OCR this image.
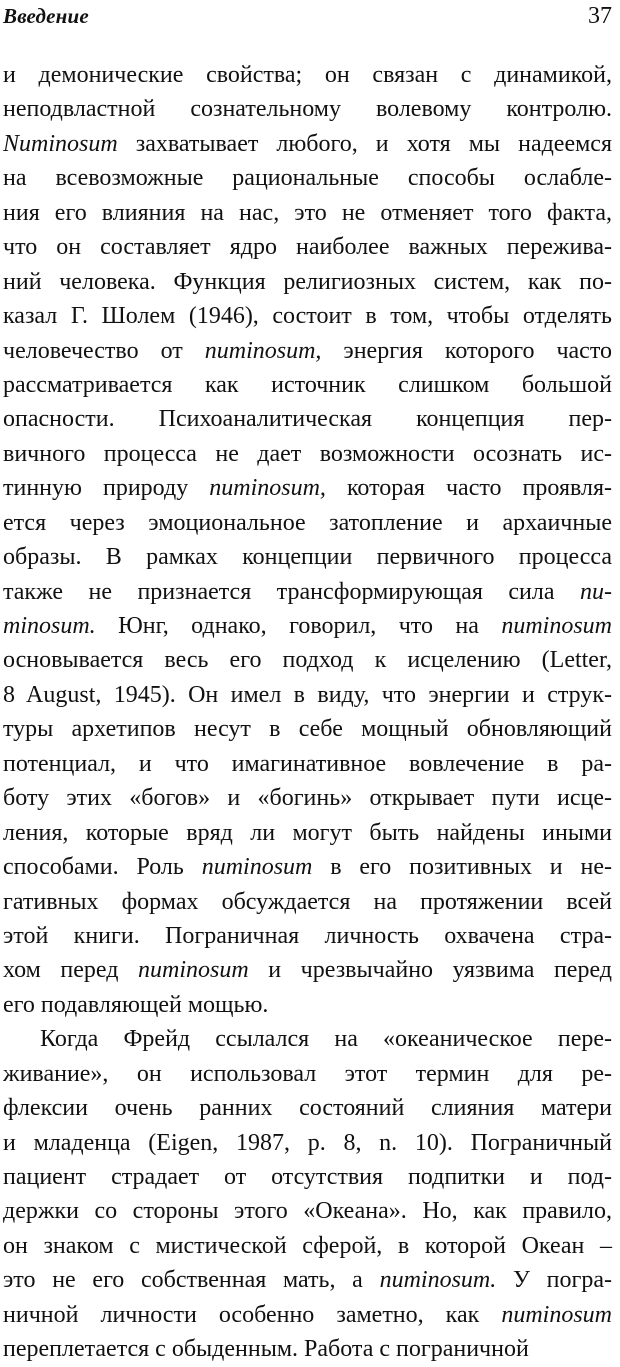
Введение	37
и демонические свойства; он связан с динамикой,
неподвластной сознательному волевому контролю.
Numinosum захватывает любого, и хотя мы надеемся
на всевозможные рациональные способы ослабле-
ния его влияния на нас, это не отменяет того факта,
что он составляет ядро наиболее важных пережива-
ний человека. Функция религиозных систем, как по-
казал Г. Шолем (1946), состоит в том, чтобы отделять
человечество от numinosum, энергия которого часто
рассматривается как источник слишком большой
опасности. Психоаналитическая концепция пер-
вичного процесса не дает возможности осознать ис-
тинную природу numinosum, которая часто проявля-
ется через эмоциональное затопление и архаичные
образы. В рамках концепции первичного процесса
также не признается трансформирующая сила nu-
minosum. Юнг, однако, говорил, что на numinosum
основывается весь его подход к исцелению (Letter,
8 August, 1945). Он имел в виду, что энергии и струк-
туры архетипов несут в себе мощный обновляющий
потенциал, и что имагинативное вовлечение в ра-
боту этих «богов» и «богинь» открывает пути исце-
ления, которые вряд ли могут быть найдены иными
способами. Роль numinosum в его позитивных и не-
гативных формах обсуждается на протяжении всей
этой книги. Пограничная личность охвачена стра-
хом перед numinosum и чрезвычайно уязвима перед
его подавляющей мощью.
Когда Фрейд ссылался на «океаническое пере-
живание», он использовал этот термин для ре-
флексии очень ранних состояний слияния матери
и младенца (Eigen, 1987, p. 8, n. 10). Пограничный
пациент страдает от отсутствия подпитки и под-
держки со стороны этого «Океана». Но, как правило,
он знаком с мистической сферой, в которой Океан –
это не его собственная мать, а numinosum. У погра-
ничной личности особенно заметно, как numinosum
переплетается с обыденным. Работа с пограничной
